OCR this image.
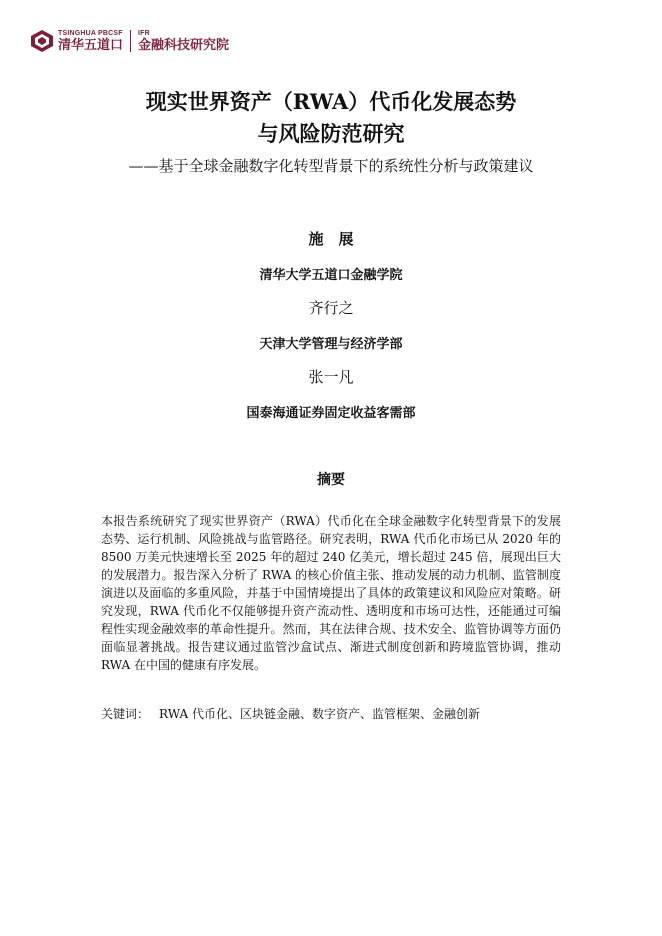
TSINGHUA PBCSF
清华五道口
IFR
金融科技研究院
现实世界资产（RWA）代币化发展态势
与风险防范研究
——基于全球金融数字化转型背景下的系统性分析与政策建议
施　展
清华大学五道口金融学院
齐行之
天津大学管理与经济学部
张一凡
国泰海通证券固定收益客需部
摘要
本报告系统研究了现实世界资产（RWA）代币化在全球金融数字化转型背景下的发展态势、运行机制、风险挑战与监管路径。研究表明，RWA 代币化市场已从 2020 年的 8500 万美元快速增长至 2025 年的超过 240 亿美元，增长超过 245 倍，展现出巨大的发展潜力。报告深入分析了 RWA 的核心价值主张、推动发展的动力机制、监管制度演进以及面临的多重风险，并基于中国情境提出了具体的政策建议和风险应对策略。研究发现，RWA 代币化不仅能够提升资产流动性、透明度和市场可达性，还能通过可编程性实现金融效率的革命性提升。然而，其在法律合规、技术安全、监管协调等方面仍面临显著挑战。报告建议通过监管沙盒试点、渐进式制度创新和跨境监管协调，推动 RWA 在中国的健康有序发展。
关键词： RWA 代币化、区块链金融、数字资产、监管框架、金融创新
